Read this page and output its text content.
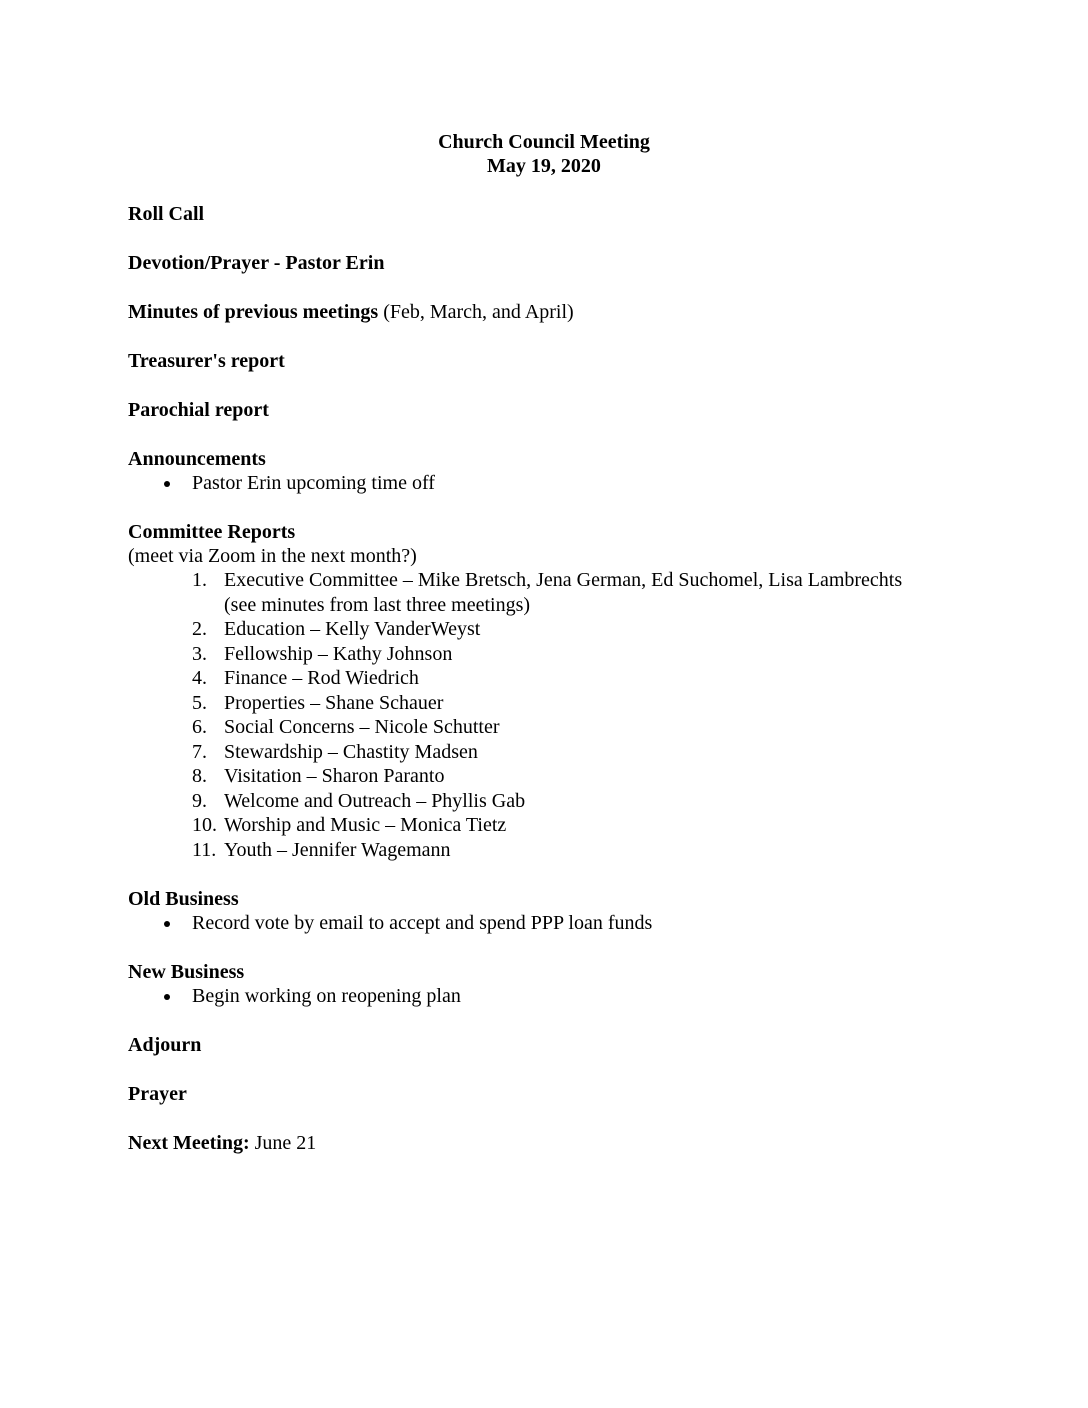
Church Council Meeting
May 19, 2020
Roll Call
Devotion/Prayer - Pastor Erin
Minutes of previous meetings (Feb, March, and April)
Treasurer's report
Parochial report
Announcements
Pastor Erin upcoming time off
Committee Reports
(meet via Zoom in the next month?)
1. Executive Committee – Mike Bretsch, Jena German, Ed Suchomel, Lisa Lambrechts
(see minutes from last three meetings)
2. Education – Kelly VanderWeyst
3. Fellowship – Kathy Johnson
4. Finance – Rod Wiedrich
5. Properties – Shane Schauer
6. Social Concerns – Nicole Schutter
7. Stewardship – Chastity Madsen
8. Visitation – Sharon Paranto
9. Welcome and Outreach – Phyllis Gab
10. Worship and Music – Monica Tietz
11. Youth – Jennifer Wagemann
Old Business
Record vote by email to accept and spend PPP loan funds
New Business
Begin working on reopening plan
Adjourn
Prayer
Next Meeting: June 21
